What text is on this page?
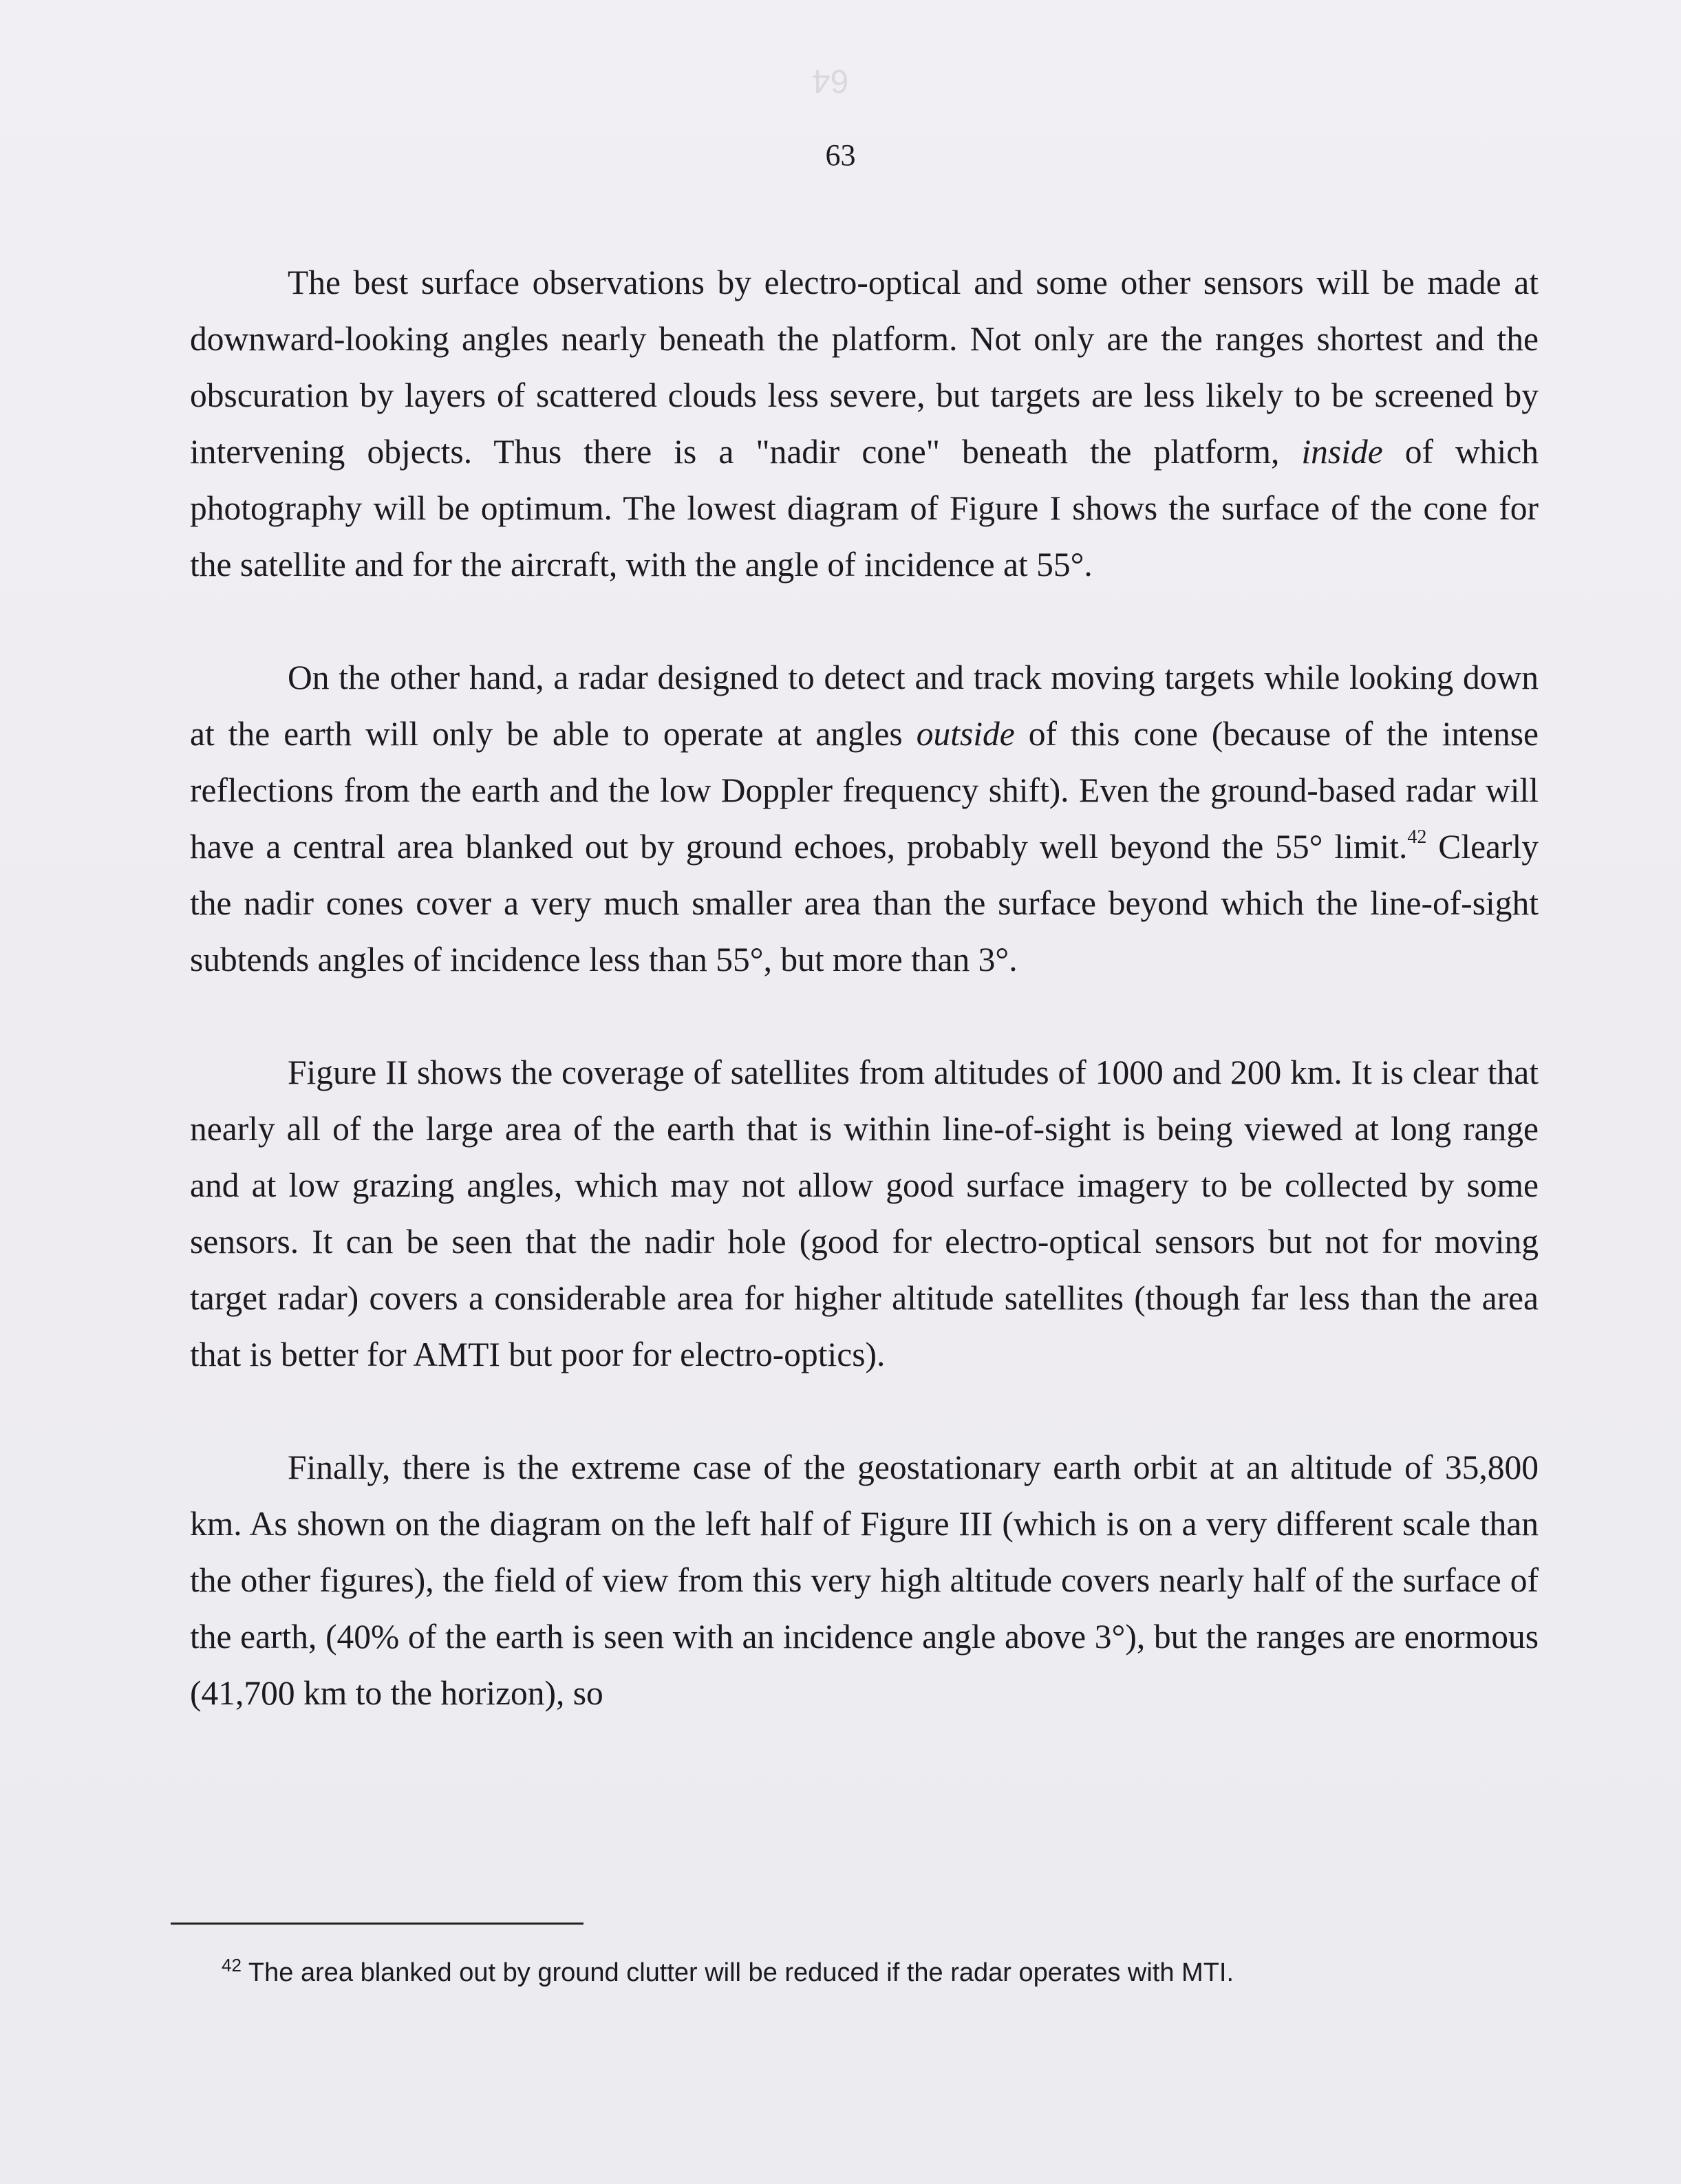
64
63

The best surface observations by electro-optical and some other sensors will be made at downward-looking angles nearly beneath the platform. Not only are the ranges shortest and the obscuration by layers of scattered clouds less severe, but targets are less likely to be screened by intervening objects. Thus there is a "nadir cone" beneath the platform, inside of which photography will be optimum. The lowest diagram of Figure I shows the surface of the cone for the satellite and for the aircraft, with the angle of incidence at 55°.

On the other hand, a radar designed to detect and track moving targets while looking down at the earth will only be able to operate at angles outside of this cone (because of the intense reflections from the earth and the low Doppler frequency shift). Even the ground-based radar will have a central area blanked out by ground echoes, probably well beyond the 55° limit.$^{42}$ Clearly the nadir cones cover a very much smaller area than the surface beyond which the line-of-sight subtends angles of incidence less than 55°, but more than 3°.

Figure II shows the coverage of satellites from altitudes of 1000 and 200 km. It is clear that nearly all of the large area of the earth that is within line-of-sight is being viewed at long range and at low grazing angles, which may not allow good surface imagery to be collected by some sensors. It can be seen that the nadir hole (good for electro-optical sensors but not for moving target radar) covers a considerable area for higher altitude satellites (though far less than the area that is better for AMTI but poor for electro-optics).

Finally, there is the extreme case of the geostationary earth orbit at an altitude of 35,800 km. As shown on the diagram on the left half of Figure III (which is on a very different scale than the other figures), the field of view from this very high altitude covers nearly half of the surface of the earth, (40% of the earth is seen with an incidence angle above 3°), but the ranges are enormous (41,700 km to the horizon), so

$^{42}$ The area blanked out by ground clutter will be reduced if the radar operates with MTI.
